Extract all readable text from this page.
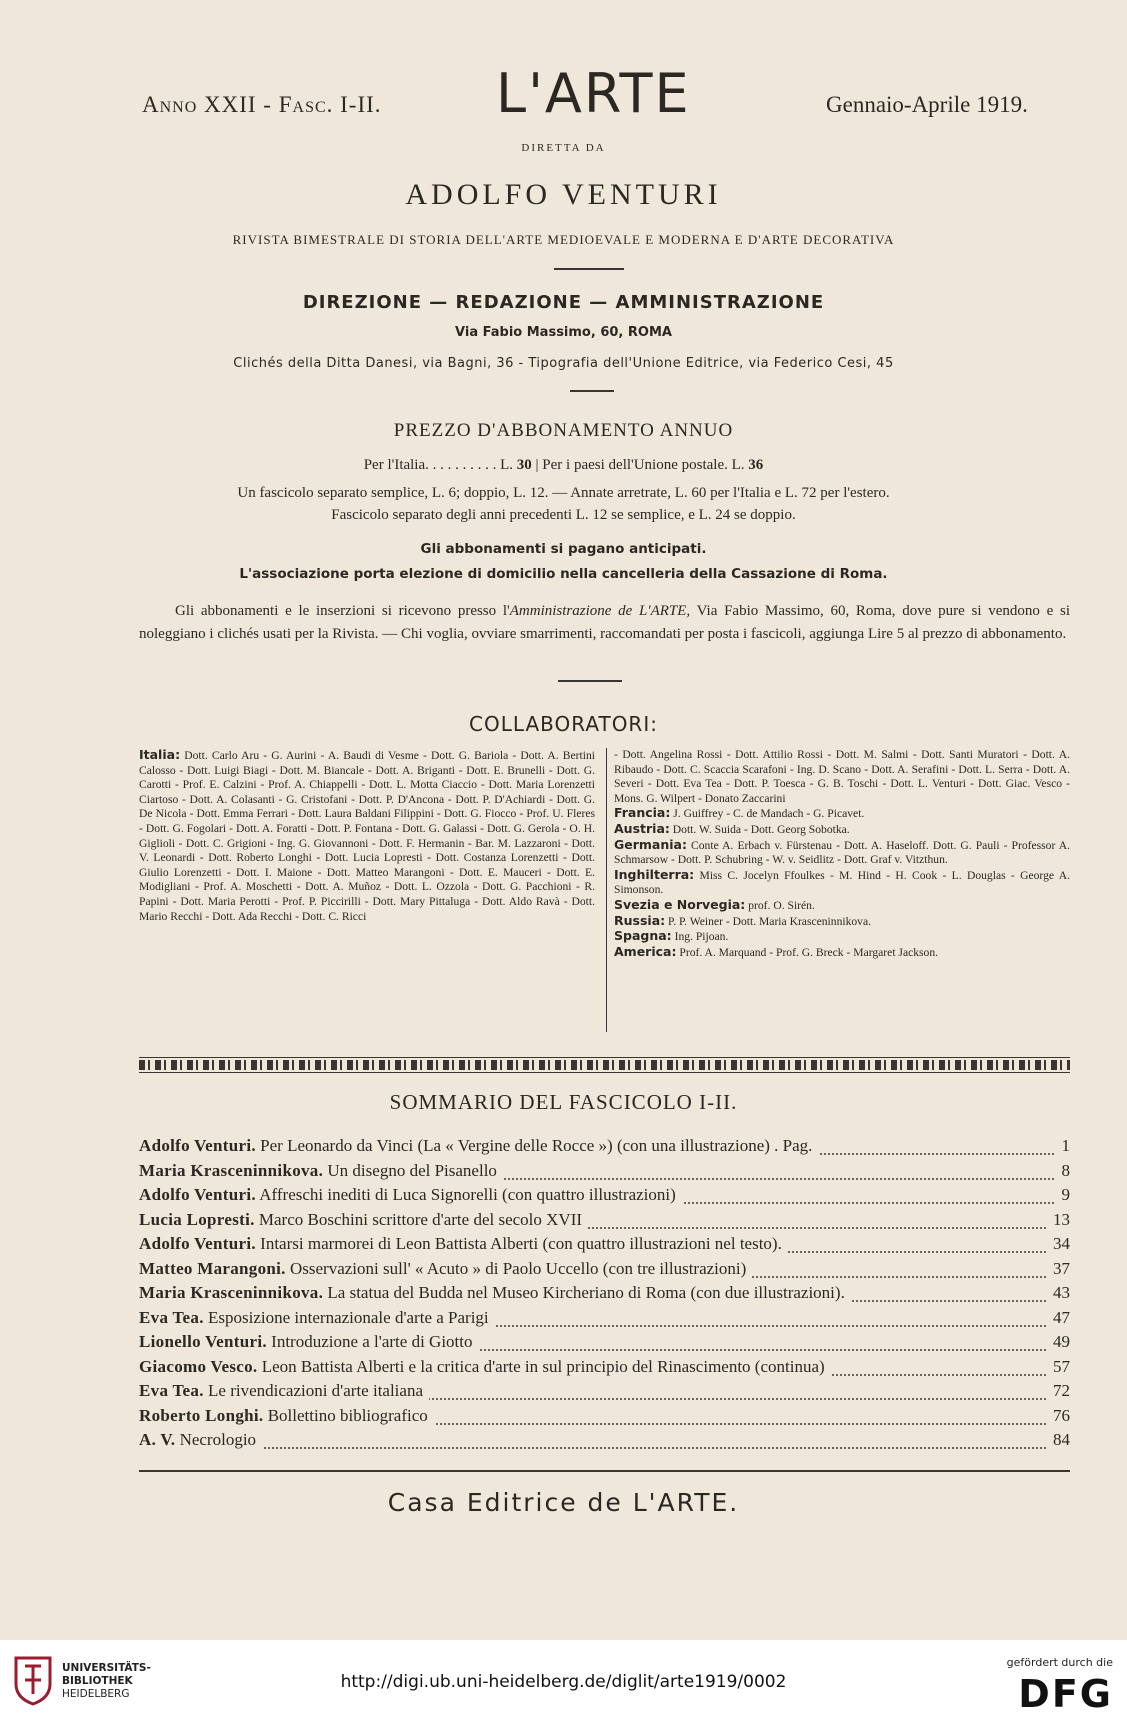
Anno XXII - Fasc. I-II. L'ARTE	Gennaio-Aprile 1919.
DIRETTA DA
ADOLFO VENTURI
RIVISTA BIMESTRALE DI STORIA DELL'ARTE MEDIOEVALE E MODERNA E D'ARTE DECORATIVA
DIREZIONE — REDAZIONE — AMMINISTRAZIONE
Via Fabio Massimo, 60, ROMA
Clichés della Ditta Danesi, via Bagni, 36 - Tipografia dell'Unione Editrice, via Federico Cesi, 45
PREZZO D'ABBONAMENTO ANNUO
Per l'Italia. . . . . . . . . . L. 30 | Per i paesi dell'Unione postale. L. 36
Un fascicolo separato semplice, L. 6; doppio, L. 12. — Annate arretrate, L. 60 per l'Italia e L. 72 per l'estero.
Fascicolo separato degli anni precedenti L. 12 se semplice, e L. 24 se doppio.
Gli abbonamenti si pagano anticipati.
L'associazione porta elezione di domicilio nella cancelleria della Cassazione di Roma.
Gli abbonamenti e le inserzioni si ricevono presso l'Amministrazione de L'ARTE, Via Fabio Massimo, 60, Roma, dove pure si vendono e si noleggiano i clichés usati per la Rivista. — Chi voglia, ovviare smarrimenti, raccomandati per posta i fascicoli, aggiunga Lire 5 al prezzo di abbonamento.
COLLABORATORI:

Italia: Dott. Carlo Aru - G. Aurini - A. Baudi di Vesme - Dott. G. Bariola - Dott. A. Bertini Calosso - Dott. Luigi Biagi - Dott. M. Biancale - Dott. A. Briganti - Dott. E. Brunelli - Dott. G. Carotti - Prof. E. Calzini - Prof. A. Chiappelli - Dott. L. Motta Ciaccio - Dott. Maria Lorenzetti Ciartoso - Dott. A. Colasanti - G. Cristofani - Dott. P. D'Ancona - Dott. P. D'Achiardi - Dott. G. De Nicola - Dott. Emma Ferrari - Dott. Laura Baldani Filippini - Dott. G. Fiocco - Prof. U. Fleres - Dott. G. Fogolari - Dott. A. Foratti - Dott. P. Fontana - Dott. G. Galassi - Dott. G. Gerola - O. H. Giglioli - Dott. C. Grigioni - Ing. G. Giovannoni - Dott. F. Hermanin - Bar. M. Lazzaroni - Dott. V. Leonardi - Dott. Roberto Longhi - Dott. Lucia Lopresti - Dott. Costanza Lorenzetti - Dott. Giulio Lorenzetti - Dott. I. Maione - Dott. Matteo Marangoni - Dott. E. Mauceri - Dott. E. Modigliani - Prof. A. Moschetti - Dott. A. Muñoz - Dott. L. Ozzola - Dott. G. Pacchioni - R. Papini - Dott. Maria Perotti - Prof. P. Piccirilli - Dott. Mary Pittaluga - Dott. Aldo Ravà - Dott. Mario Recchi - Dott. Ada Recchi - Dott. C. Ricci

- Dott. Angelina Rossi - Dott. Attilio Rossi - Dott. M. Salmi - Dott. Santi Muratori - Dott. A. Ribaudo - Dott. C. Scaccia Scarafoni - Ing. D. Scano - Dott. A. Serafini - Dott. L. Serra - Dott. A. Severi - Dott. Eva Tea - Dott. P. Toesca - G. B. Toschi - Dott. L. Venturi - Dott. Giac. Vesco - Mons. G. Wilpert - Donato Zaccarini

Francia: J. Guiffrey - C. de Mandach - G. Picavet.

Austria: Dott. W. Suida - Dott. Georg Sobotka.

Germania: Conte A. Erbach v. Fürstenau - Dott. A. Haseloff. Dott. G. Pauli - Professor A. Schmarsow - Dott. P. Schubring - W. v. Seidlitz - Dott. Graf v. Vitzthun.

Inghilterra: Miss C. Jocelyn Ffoulkes - M. Hind - H. Cook - L. Douglas - George A. Simonson.

Svezia e Norvegia: prof. O. Sirén.

Russia: P. P. Weiner - Dott. Maria Krasceninnikova.

Spagna: Ing. Pijoan.

America: Prof. A. Marquand - Prof. G. Breck - Margaret Jackson.

SOMMARIO DEL FASCICOLO I-II.
Adolfo Venturi. Per Leonardo da Vinci (La « Vergine delle Rocce ») (con una illustrazione) . Pag.	1
Maria Krasceninnikova. Un disegno del Pisanello	8
Adolfo Venturi. Affreschi inediti di Luca Signorelli (con quattro illustrazioni)	9
Lucia Lopresti. Marco Boschini scrittore d'arte del secolo XVII	13
Adolfo Venturi. Intarsi marmorei di Leon Battista Alberti (con quattro illustrazioni nel testo).	34
Matteo Marangoni. Osservazioni sull' « Acuto » di Paolo Uccello (con tre illustrazioni)	37
Maria Krasceninnikova. La statua del Budda nel Museo Kircheriano di Roma (con due illustrazioni).	43
Eva Tea. Esposizione internazionale d'arte a Parigi	47
Lionello Venturi. Introduzione a l'arte di Giotto	49
Giacomo Vesco. Leon Battista Alberti e la critica d'arte in sul principio del Rinascimento (continua)	57
Eva Tea. Le rivendicazioni d'arte italiana	72
Roberto Longhi. Bollettino bibliografico	76
A. V. Necrologio	84
Casa Editrice de L'ARTE.
UNIVERSITÄTS-
BIBLIOTHEK
HEIDELBERG
http://digi.ub.uni-heidelberg.de/diglit/arte1919/0002
gefördert durch die
DFG
